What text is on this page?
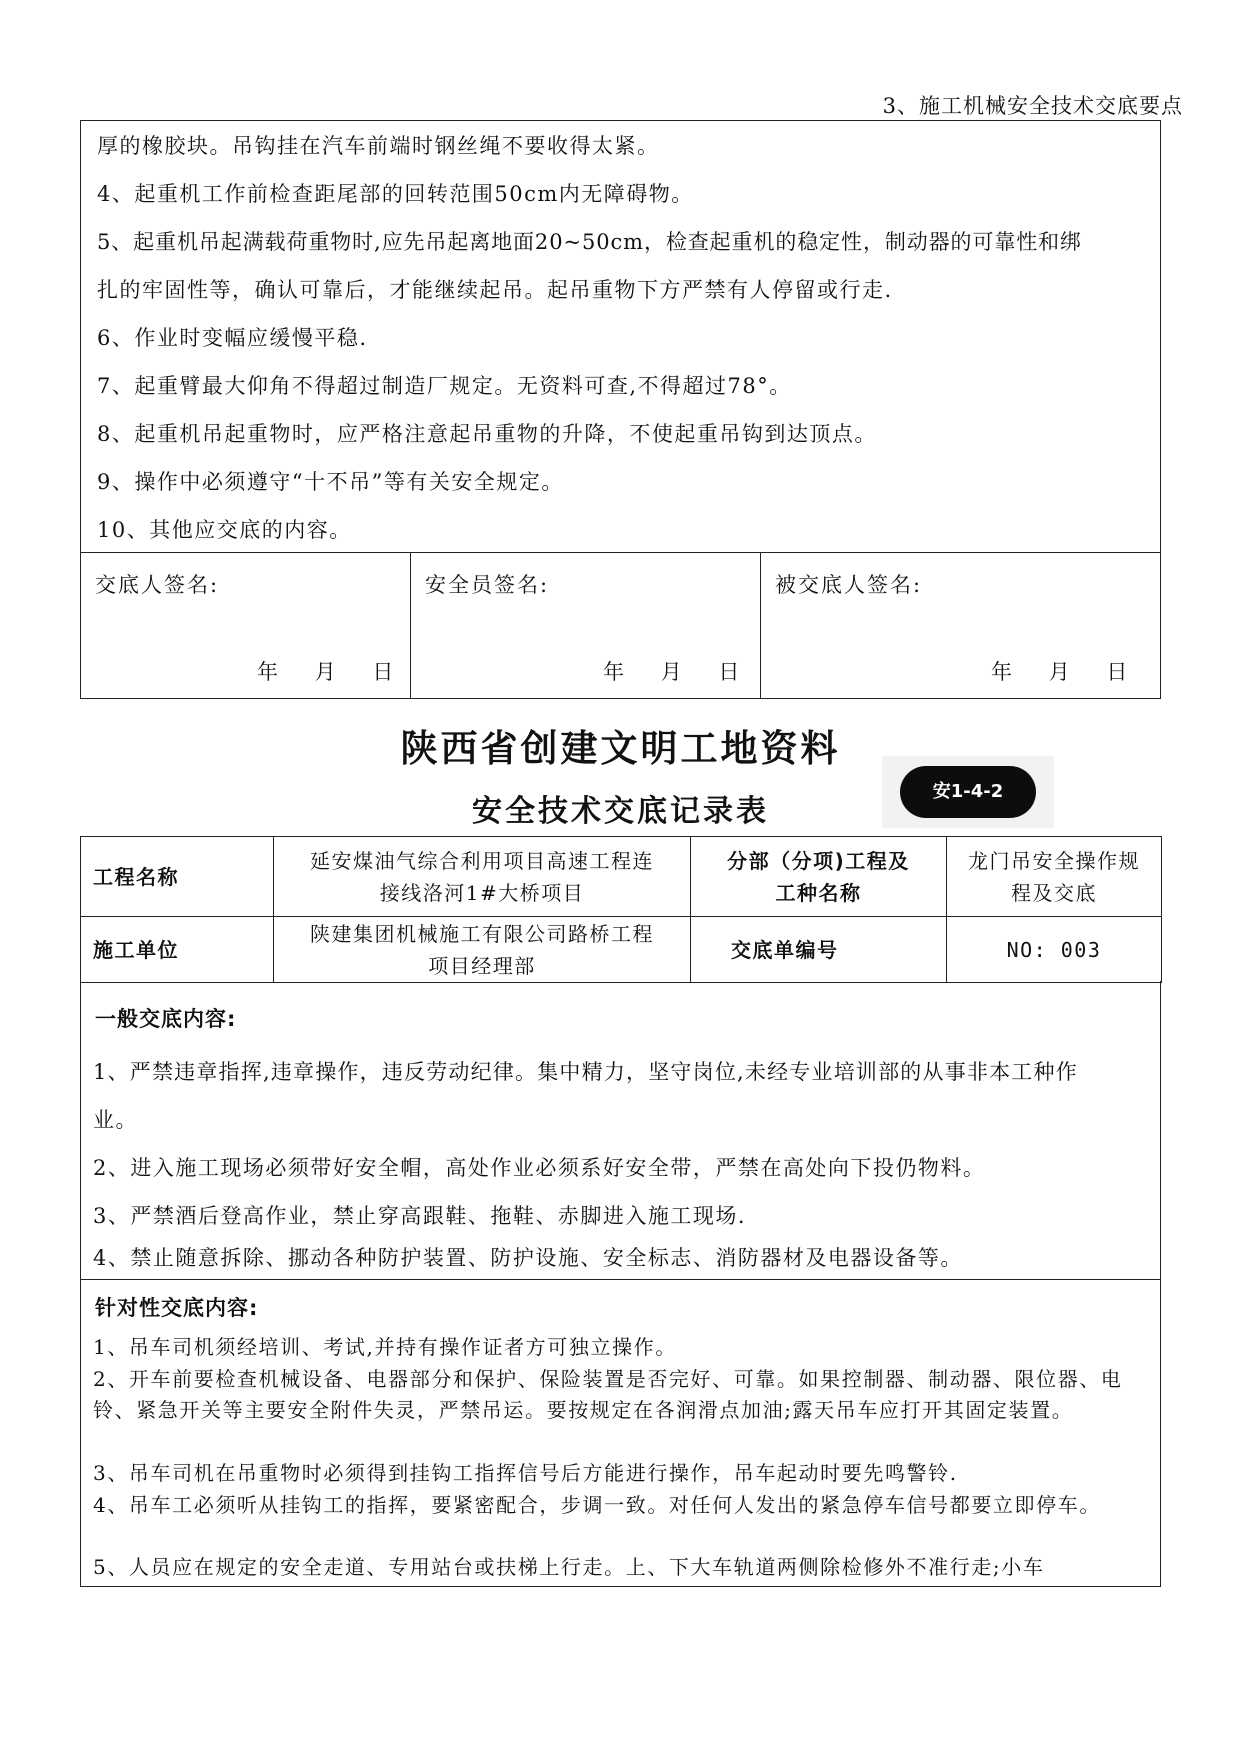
3、施工机械安全技术交底要点
厚的橡胶块。吊钩挂在汽车前端时钢丝绳不要收得太紧。
4、起重机工作前检查距尾部的回转范围50cm内无障碍物。
5、起重机吊起满载荷重物时,应先吊起离地面20~50cm，检查起重机的稳定性，制动器的可靠性和绑
扎的牢固性等，确认可靠后，才能继续起吊。起吊重物下方严禁有人停留或行走.
6、作业时变幅应缓慢平稳.
7、起重臂最大仰角不得超过制造厂规定。无资料可查,不得超过78°。
8、起重机吊起重物时，应严格注意起吊重物的升降，不使起重吊钩到达顶点。
9、操作中必须遵守“十不吊”等有关安全规定。
10、其他应交底的内容。
交底人签名:
年    月    日
安全员签名:
年    月    日
被交底人签名:
年    月    日
陕西省创建文明工地资料
安全技术交底记录表
安1-4-2
工程名称	延安煤油气综合利用项目高速工程连接线洛河1#大桥项目	分部（分项)工程及工种名称	龙门吊安全操作规程及交底
施工单位	陕建集团机械施工有限公司路桥工程项目经理部	交底单编号	NO: 003
一般交底内容:
1、严禁违章指挥,违章操作，违反劳动纪律。集中精力，坚守岗位,未经专业培训部的从事非本工种作
业。
2、进入施工现场必须带好安全帽，高处作业必须系好安全带，严禁在高处向下投仍物料。
3、严禁酒后登高作业，禁止穿高跟鞋、拖鞋、赤脚进入施工现场.
4、禁止随意拆除、挪动各种防护装置、防护设施、安全标志、消防器材及电器设备等。
针对性交底内容:
1、吊车司机须经培训、考试,并持有操作证者方可独立操作。
2、开车前要检查机械设备、电器部分和保护、保险装置是否完好、可靠。如果控制器、制动器、限位器、电铃、紧急开关等主要安全附件失灵，严禁吊运。要按规定在各润滑点加油;露天吊车应打开其固定装置。
3、吊车司机在吊重物时必须得到挂钩工指挥信号后方能进行操作，吊车起动时要先鸣警铃.
4、吊车工必须听从挂钩工的指挥，要紧密配合，步调一致。对任何人发出的紧急停车信号都要立即停车。
5、人员应在规定的安全走道、专用站台或扶梯上行走。上、下大车轨道两侧除检修外不准行走;小车
